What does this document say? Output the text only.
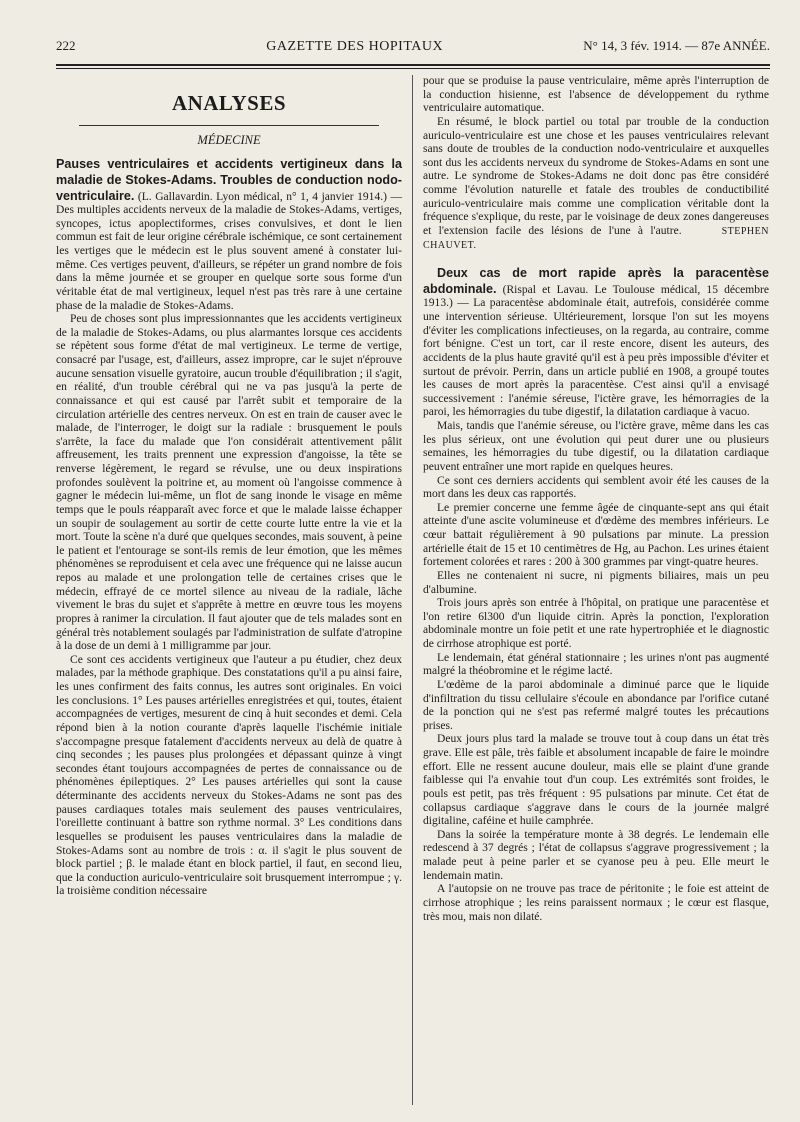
222	GAZETTE DES HOPITAUX	N° 14, 3 fév. 1914. — 87e ANNÉE.
ANALYSES
MÉDECINE

Pauses ventriculaires et accidents vertigineux dans la maladie de Stokes-Adams. Troubles de conduction nodo-ventriculaire. (L. Gallavardin. Lyon médical, n° 1, 4 janvier 1914.) — Des multiples accidents nerveux de la maladie de Stokes-Adams, vertiges, syncopes, ictus apoplectiformes, crises convulsives, et dont le lien commun est fait de leur origine cérébrale ischémique, ce sont certainement les vertiges que le médecin est le plus souvent amené à constater lui-même. Ces vertiges peuvent, d'ailleurs, se répéter un grand nombre de fois dans la même journée et se grouper en quelque sorte sous forme d'un véritable état de mal vertigineux, lequel n'est pas très rare à une certaine phase de la maladie de Stokes-Adams.

Peu de choses sont plus impressionnantes que les accidents vertigineux de la maladie de Stokes-Adams, ou plus alarmantes lorsque ces accidents se répètent sous forme d'état de mal vertigineux. Le terme de vertige, consacré par l'usage, est, d'ailleurs, assez impropre, car le sujet n'éprouve aucune sensation visuelle gyratoire, aucun trouble d'équilibration ; il s'agit, en réalité, d'un trouble cérébral qui ne va pas jusqu'à la perte de connaissance et qui est causé par l'arrêt subit et temporaire de la circulation artérielle des centres nerveux. On est en train de causer avec le malade, de l'interroger, le doigt sur la radiale : brusquement le pouls s'arrête, la face du malade que l'on considérait attentivement pâlit affreusement, les traits prennent une expression d'angoisse, la tête se renverse légèrement, le regard se révulse, une ou deux inspirations profondes soulèvent la poitrine et, au moment où l'angoisse commence à gagner le médecin lui-même, un flot de sang inonde le visage en même temps que le pouls réapparaît avec force et que le malade laisse échapper un soupir de soulagement au sortir de cette courte lutte entre la vie et la mort. Toute la scène n'a duré que quelques secondes, mais souvent, à peine le patient et l'entourage se sont-ils remis de leur émotion, que les mêmes phénomènes se reproduisent et cela avec une fréquence qui ne laisse aucun repos au malade et une prolongation telle de certaines crises que le médecin, effrayé de ce mortel silence au niveau de la radiale, lâche vivement le bras du sujet et s'apprête à mettre en œuvre tous les moyens propres à ranimer la circulation. Il faut ajouter que de tels malades sont en général très notablement soulagés par l'administration de sulfate d'atropine à la dose de un demi à 1 milligramme par jour.

Ce sont ces accidents vertigineux que l'auteur a pu étudier, chez deux malades, par la méthode graphique. Des constatations qu'il a pu ainsi faire, les unes confirment des faits connus, les autres sont originales. En voici les conclusions. 1° Les pauses artérielles enregistrées et qui, toutes, étaient accompagnées de vertiges, mesurent de cinq à huit secondes et demi. Cela répond bien à la notion courante d'après laquelle l'ischémie initiale s'accompagne presque fatalement d'accidents nerveux au delà de quatre à cinq secondes ; les pauses plus prolongées et dépassant quinze à vingt secondes étant toujours accompagnées de pertes de connaissance ou de phénomènes épileptiques. 2° Les pauses artérielles qui sont la cause déterminante des accidents nerveux du Stokes-Adams ne sont pas des pauses cardiaques totales mais seulement des pauses ventriculaires, l'oreillette continuant à battre son rythme normal. 3° Les conditions dans lesquelles se produisent les pauses ventriculaires dans la maladie de Stokes-Adams sont au nombre de trois : α. il s'agit le plus souvent de block partiel ; β. le malade étant en block partiel, il faut, en second lieu, que la conduction auriculo-ventriculaire soit brusquement interrompue ; γ. la troisième condition nécessaire

pour que se produise la pause ventriculaire, même après l'interruption de la conduction hisienne, est l'absence de développement du rythme ventriculaire automatique.

En résumé, le block partiel ou total par trouble de la conduction auriculo-ventriculaire est une chose et les pauses ventriculaires relevant sans doute de troubles de la conduction nodo-ventriculaire et auxquelles sont dus les accidents nerveux du syndrome de Stokes-Adams en sont une autre. Le syndrome de Stokes-Adams ne doit donc pas être considéré comme l'évolution naturelle et fatale des troubles de conductibilité auriculo-ventriculaire mais comme une complication véritable dont la fréquence s'explique, du reste, par le voisinage de deux zones dangereuses et l'extension facile des lésions de l'une à l'autre.	STEPHEN CHAUVET.

Deux cas de mort rapide après la paracentèse abdominale. (Rispal et Lavau. Le Toulouse médical, 15 décembre 1913.) — La paracentèse abdominale était, autrefois, considérée comme une intervention sérieuse. Ultérieurement, lorsque l'on sut les moyens d'éviter les complications infectieuses, on la regarda, au contraire, comme fort bénigne. C'est un tort, car il reste encore, disent les auteurs, des accidents de la plus haute gravité qu'il est à peu près impossible d'éviter et surtout de prévoir. Perrin, dans un article publié en 1908, a groupé toutes les causes de mort après la paracentèse. C'est ainsi qu'il a envisagé successivement : l'anémie séreuse, l'ictère grave, les hémorragies de la paroi, les hémorragies du tube digestif, la dilatation cardiaque à vacuo.

Mais, tandis que l'anémie séreuse, ou l'ictère grave, même dans les cas les plus sérieux, ont une évolution qui peut durer une ou plusieurs semaines, les hémorragies du tube digestif, ou la dilatation cardiaque peuvent entraîner une mort rapide en quelques heures.

Ce sont ces derniers accidents qui semblent avoir été les causes de la mort dans les deux cas rapportés.

Le premier concerne une femme âgée de cinquante-sept ans qui était atteinte d'une ascite volumineuse et d'œdème des membres inférieurs. Le cœur battait régulièrement à 90 pulsations par minute. La pression artérielle était de 15 et 10 centimètres de Hg, au Pachon. Les urines étaient fortement colorées et rares : 200 à 300 grammes par vingt-quatre heures.

Elles ne contenaient ni sucre, ni pigments biliaires, mais un peu d'albumine.

Trois jours après son entrée à l'hôpital, on pratique une paracentèse et l'on retire 6l300 d'un liquide citrin. Après la ponction, l'exploration abdominale montre un foie petit et une rate hypertrophiée et le diagnostic de cirrhose atrophique est porté.

Le lendemain, état général stationnaire ; les urines n'ont pas augmenté malgré la théobromine et le régime lacté.

L'œdème de la paroi abdominale a diminué parce que le liquide d'infiltration du tissu cellulaire s'écoule en abondance par l'orifice cutané de la ponction qui ne s'est pas refermé malgré toutes les précautions prises.

Deux jours plus tard la malade se trouve tout à coup dans un état très grave. Elle est pâle, très faible et absolument incapable de faire le moindre effort. Elle ne ressent aucune douleur, mais elle se plaint d'une grande faiblesse qui l'a envahie tout d'un coup. Les extrémités sont froides, le pouls est petit, pas très fréquent : 95 pulsations par minute. Cet état de collapsus cardiaque s'aggrave dans le cours de la journée malgré digitaline, caféine et huile camphrée.

Dans la soirée la température monte à 38 degrés. Le lendemain elle redescend à 37 degrés ; l'état de collapsus s'aggrave progressivement ; la malade peut à peine parler et se cyanose peu à peu. Elle meurt le lendemain matin.

A l'autopsie on ne trouve pas trace de péritonite ; le foie est atteint de cirrhose atrophique ; les reins paraissent normaux ; le cœur est flasque, très mou, mais non dilaté.
